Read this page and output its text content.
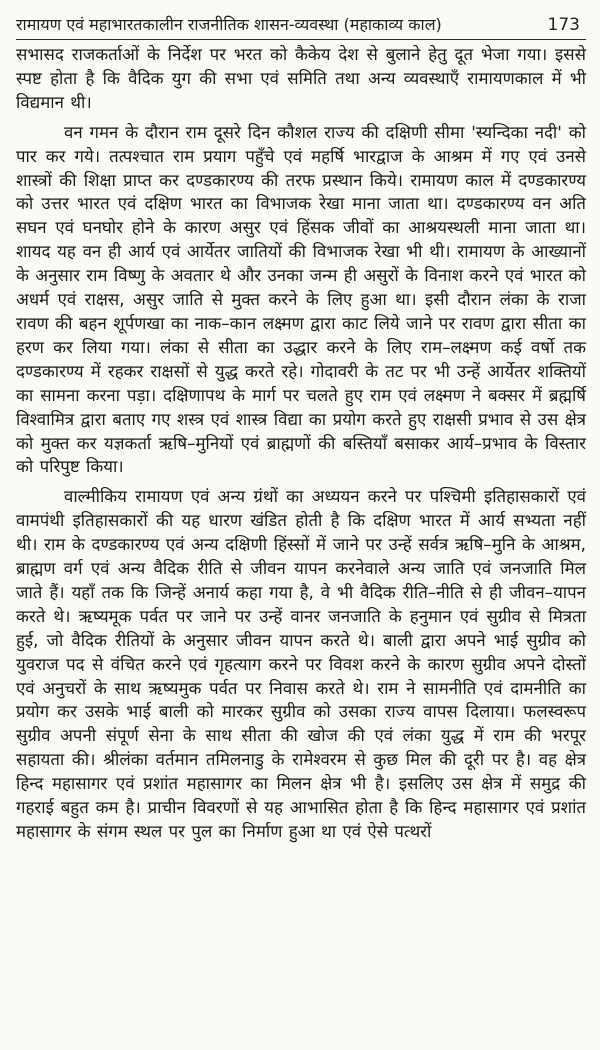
रामायण एवं महाभारतकालीन राजनीतिक शासन-व्यवस्था (महाकाव्य काल)	173

सभासद राजकर्ताओं के निर्देश पर भरत को कैकेय देश से बुलाने हेतु दूत भेजा गया। इससे स्पष्ट होता है कि वैदिक युग की सभा एवं समिति तथा अन्य व्यवस्थाएँ रामायणकाल में भी विद्यमान थी।

वन गमन के दौरान राम दूसरे दिन कौशल राज्य की दक्षिणी सीमा 'स्यन्दिका नदी' को पार कर गये। तत्पश्चात राम प्रयाग पहुँचे एवं महर्षि भारद्वाज के आश्रम में गए एवं उनसे शास्त्रों की शिक्षा प्राप्त कर दण्डकारण्य की तरफ प्रस्थान किये। रामायण काल में दण्डकारण्य को उत्तर भारत एवं दक्षिण भारत का विभाजक रेखा माना जाता था। दण्डकारण्य वन अति सघन एवं घनघोर होने के कारण असुर एवं हिंसक जीवों का आश्रयस्थली माना जाता था। शायद यह वन ही आर्य एवं आर्येतर जातियों की विभाजक रेखा भी थी। रामायण के आख्यानों के अनुसार राम विष्णु के अवतार थे और उनका जन्म ही असुरों के विनाश करने एवं भारत को अधर्म एवं राक्षस, असुर जाति से मुक्त करने के लिए हुआ था। इसी दौरान लंका के राजा रावण की बहन शूर्पणखा का नाक–कान लक्ष्मण द्वारा काट लिये जाने पर रावण द्वारा सीता का हरण कर लिया गया। लंका से सीता का उद्धार करने के लिए राम–लक्ष्मण कई वर्षो तक दण्डकारण्य में रहकर राक्षसों से युद्ध करते रहे। गोदावरी के तट पर भी उन्हें आर्येतर शक्तियों का सामना करना पड़ा। दक्षिणापथ के मार्ग पर चलते हुए राम एवं लक्ष्मण ने बक्सर में ब्रह्मर्षि विश्वामित्र द्वारा बताए गए शस्त्र एवं शास्त्र विद्या का प्रयोग करते हुए राक्षसी प्रभाव से उस क्षेत्र को मुक्त कर यज्ञकर्ता ऋषि–मुनियों एवं ब्राह्मणों की बस्तियाँ बसाकर आर्य–प्रभाव के विस्तार को परिपुष्ट किया।

वाल्मीकिय रामायण एवं अन्य ग्रंथों का अध्ययन करने पर पश्चिमी इतिहासकारों एवं वामपंथी इतिहासकारों की यह धारण खंडित होती है कि दक्षिण भारत में आर्य सभ्यता नहीं थी। राम के दण्डकारण्य एवं अन्य दक्षिणी हिंस्सों में जाने पर उन्हें सर्वत्र ऋषि–मुनि के आश्रम, ब्राह्मण वर्ग एवं अन्य वैदिक रीति से जीवन यापन करनेवाले अन्य जाति एवं जनजाति मिल जाते हैं। यहाँ तक कि जिन्हें अनार्य कहा गया है, वे भी वैदिक रीति–नीति से ही जीवन–यापन करते थे। ऋष्यमूक पर्वत पर जाने पर उन्हें वानर जनजाति के हनुमान एवं सुग्रीव से मित्रता हुई, जो वैदिक रीतियों के अनुसार जीवन यापन करते थे। बाली द्वारा अपने भाई सुग्रीव को युवराज पद से वंचित करने एवं गृहत्याग करने पर विवश करने के कारण सुग्रीव अपने दोस्तों एवं अनुचरों के साथ ऋष्यमुक पर्वत पर निवास करते थे। राम ने सामनीति एवं दामनीति का प्रयोग कर उसके भाई बाली को मारकर सुग्रीव को उसका राज्य वापस दिलाया। फलस्वरूप सुग्रीव अपनी संपूर्ण सेना के साथ सीता की खोज की एवं लंका युद्ध में राम की भरपूर सहायता की। श्रीलंका वर्तमान तमिलनाडु के रामेश्वरम से कुछ मिल की दूरी पर है। वह क्षेत्र हिन्द महासागर एवं प्रशांत महासागर का मिलन क्षेत्र भी है। इसलिए उस क्षेत्र में समुद्र की गहराई बहुत कम है। प्राचीन विवरणों से यह आभासित होता है कि हिन्द महासागर एवं प्रशांत महासागर के संगम स्थल पर पुल का निर्माण हुआ था एवं ऐसे पत्थरों
